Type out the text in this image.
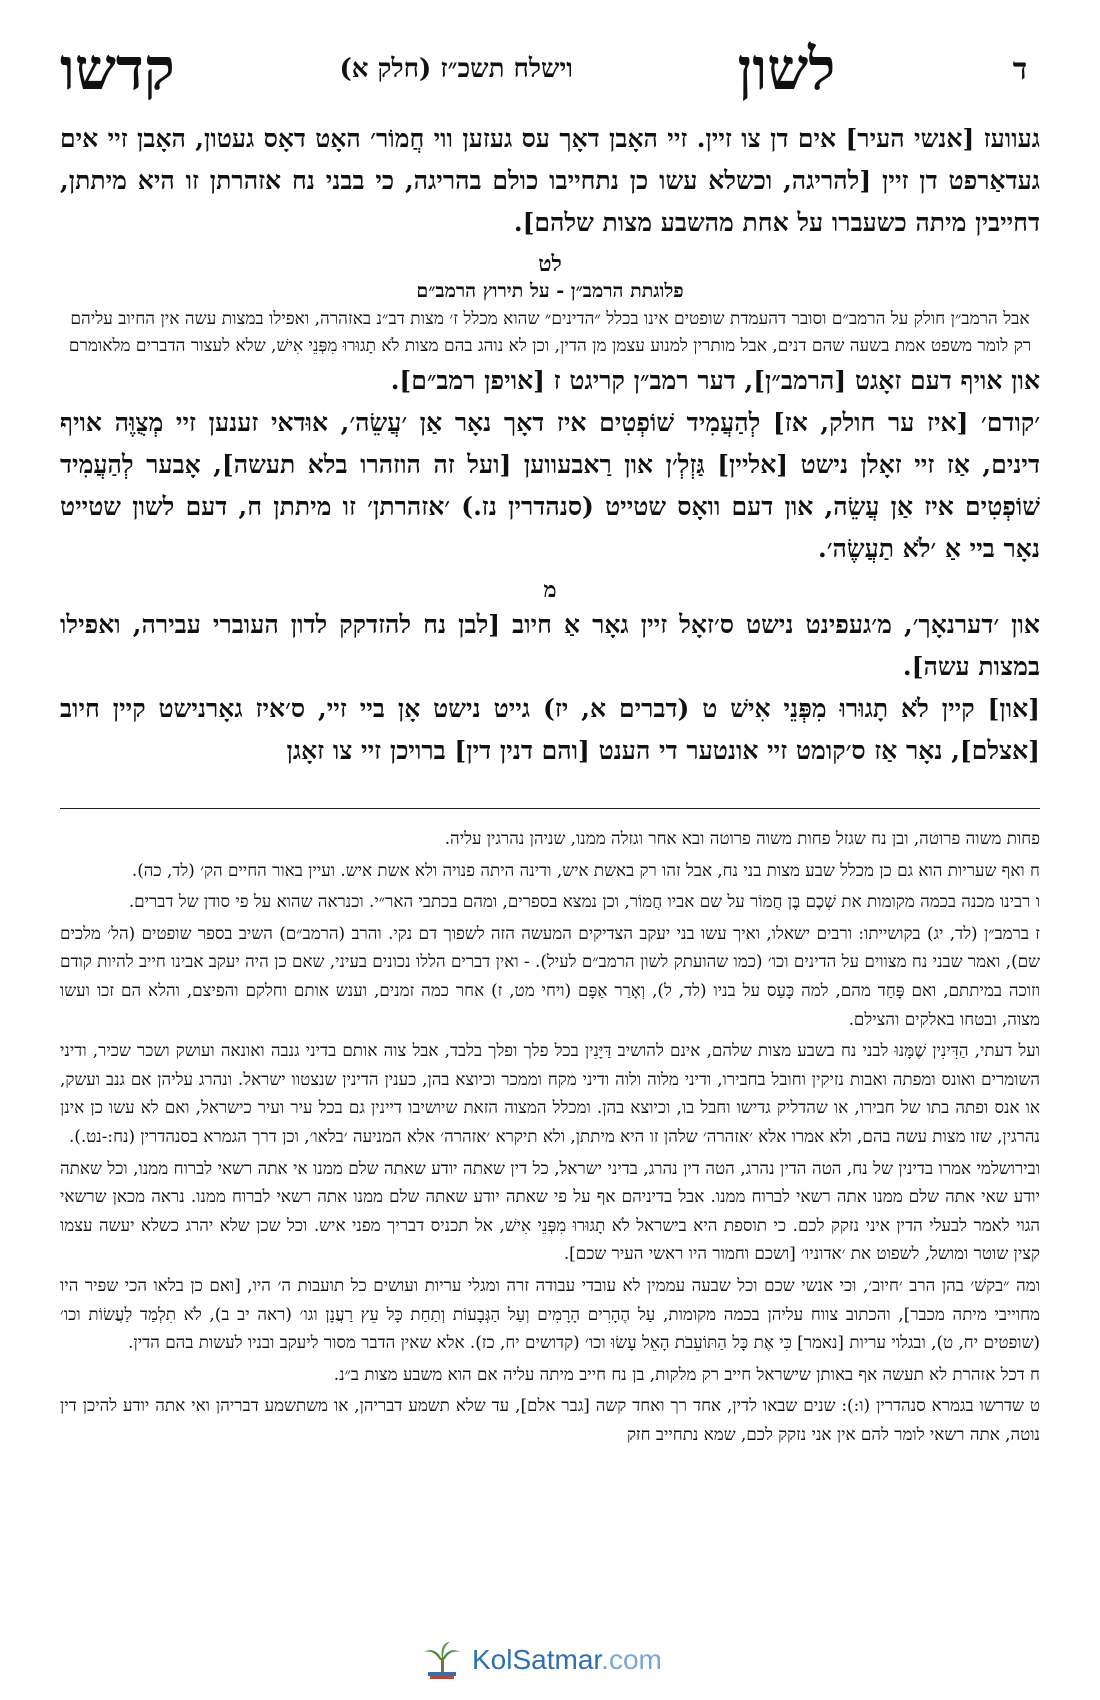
ד
לשון
וישלח תשכ״ז (חלק א)
קדשו

געוועז [אנשי העיר] אים דן צו זיין. זיי האָבן דאָך עס געזען ווי חֲמוֹר׳ האָט דאָס געטון, האָבן זיי אים געדאַרפט דן זיין [להריגה, וכשלא עשו כן נתחייבו כולם בהריגה, כי בבני נח אזהרתן זו היא מיתתן, דחייבין מיתה כשעברו על אחת מהשבע מצות שלהם].

לט
פלוגתת הרמב״ן - על תירוץ הרמב״ם

אבל הרמב״ן חולק על הרמב״ם וסובר דהעמדת שופטים אינו בכלל ״הדינים״ שהוא מכלל ז׳ מצות דב״נ באזהרה, ואפילו במצות עשה אין החיוב עליהם רק לומר משפט אמת בשעה שהם דנים, אבל מותרין למנוע עצמן מן הדין, וכן לא נוהג בהם מצות לֹא תָגוּרוּ מִפְּנֵי אִישׁ, שלא לעצור הדברים מלאומרם

און אויף דעם זאָגט [הרמב״ן], דער רמב״ן קריגט ז [אויפן רמב״ם].

׳קודם׳ [איז ער חולק, אז] לְהַעֲמִיד שׁוֹפְטִים איז דאָך נאָר אַן ׳עֲשֵׂה׳, אוּדאי זענען זיי מְצֻוֶּה אויף דינים, אַז זיי זאָלן נישט [אליין] גַּזְלְ׳ן און רַאבעווען [ועל זה הוזהרו בלא תעשה], אָבער לְהַעֲמִיד שׁוֹפְטִים איז אַן עֲשֵׂה, און דעם וואָס שטייט (סנהדרין נז.) ׳אזהרתן׳ זו מיתתן ח, דעם לשון שטייט נאָר ביי אַ ׳לֹא תַעֲשֶׂה׳.

מ

און ׳דערנאָך׳, מ׳געפינט נישט ס׳זאָל זיין גאָר אַ חיוב [לבן נח להזדקק לדון העוברי עבירה, ואפילו במצות עשה].

[און] קיין לֹא תָגוּרוּ מִפְּנֵי אִישׁ ט (דברים א, יז) גייט נישט אָן ביי זיי, ס׳איז גאָרנישט קיין חיוב [אצלם], נאָר אַז ס׳קומט זיי אונטער די הענט [והם דנין דין] ברויכן זיי צו זאָגן

פחות משוה פרוטה, ובן נח שגזל פחות משוה פרוטה ובא אחר וגזלה ממנו, שניהן נהרגין עליה.

ח ואף שעריות הוא גם כן מכלל שבע מצות בני נח, אבל זהו רק באשת איש, ודינה היתה פנויה ולא אשת איש. ועיין באור החיים הק׳ (לד, כה).

ו רבינו מכנה בכמה מקומות את שְׁכֶם בֶּן חֲמוֹר על שם אביו חֲמוֹר, וכן נמצא בספרים, ומהם בכתבי האר״י. וכנראה שהוא על פי סודן של דברים.

ז ברמב״ן (לד, יג) בקושייתו: ורבים ישאלו, ואיך עשו בני יעקב הצדיקים המעשה הזה לשפוך דם נקי. והרב (הרמב״ם) השיב בספר שופטים (הל׳ מלכים שם), ואמר שבני נח מצווים על הדינים וכו׳ (כמו שהועתק לשון הרמב״ם לעיל). - ואין דברים הללו נכונים בעיני, שאם כן היה יעקב אבינו חייב להיות קודם וזוכה במיתתם, ואם פָּחַד מהם, למה כָּעַס על בניו (לד, ל), וְאָרַר אַפָּם (ויחי מט, ז) אחר כמה זמנים, וענש אותם וחלקם והפיצם, והלא הם זכו ועשו מצוה, ובטחו באלקים והצילם.

ועל דעתי, הַדִּינִין שֶׁמָּנוּ לבני נח בשבע מצות שלהם, אינם להושיב דַּיָּנִין בכל פלך ופלך בלבד, אבל צוה אותם בדיני גנבה ואונאה ועושק ושכר שכיר, ודיני השומרים ואונס ומפתה ואבות נזיקין וחובל בחבירו, ודיני מלוה ולוה ודיני מקח וממכר וכיוצא בהן, כענין הדינין שנצטוו ישראל. ונהרג עליהן אם גנב ועשק, או אנס ופתה בתו של חבירו, או שהדליק גדישו וחבל בו, וכיוצא בהן. ומכלל המצוה הזאת שיושיבו דיינין גם בכל עיר ועיר כישראל, ואם לא עשו כן אינן נהרגין, שזו מצות עשה בהם, ולא אמרו אלא ׳אזהרה׳ שלהן זו היא מיתתן, ולא תיקרא ׳אזהרה׳ אלא המניעה ׳בלאו׳, וכן דרך הגמרא בסנהדרין (נח:-נט.).

ובירושלמי אמרו בדינין של נח, הטה הדין נהרג, הטה דין נהרג, בדיני ישראל, כל דין שאתה יודע שאתה שלם ממנו אי אתה רשאי לברוח ממנו, וכל שאתה יודע שאי אתה שלם ממנו אתה רשאי לברוח ממנו. אבל בדיניהם אף על פי שאתה יודע שאתה שלם ממנו אתה רשאי לברוח ממנו. נראה מכאן שרשאי הגוי לאמר לבעלי הדין איני נזקק לכם. כי תוספת היא בישראל לֹא תָגוּרוּ מִפְּנֵי אִישׁ, אל תכניס דבריך מפני איש. וכל שכן שלא יהרג כשלא יעשה עצמו קצין שוטר ומושל, לשפוט את ׳אדוניו׳ [ושכם וחמור היו ראשי העיר שכם].

ומה ״בקשׁ׳ בהן הרב ׳חיוב׳, וכי אנשי שכם וכל שבעה עממין לא עובדי עבודה זרה ומגלי עריות ועושים כל תועבות ה׳ היו, [ואם כן בלאו הכי שפיר היו מחוייבי מיתה מכבר], והכתוב צווח עליהן בכמה מקומות, עַל הֶהָרִים הָרָמִים וְעַל הַגְּבָעוֹת וְתַחַת כָּל עֵץ רַעֲנָן וגו׳ (ראה יב ב), לֹא תִלְמַד לַעֲשׂוֹת וכו׳ (שופטים יח, ט), ובגלוי עריות [נאמר] כִּי אֶת כָּל הַתּוֹעֵבֹת הָאֵל עָשׂוּ וכו׳ (קדושים יח, כז). אלא שאין הדבר מסור ליעקב ובניו לעשות בהם הדין.

ח דכל אזהרת לא תעשה אף באותן שישראל חייב רק מלקות, בן נח חייב מיתה עליה אם הוא משבע מצות ב״נ.

ט שדרשו בגמרא סנהדרין (ו:): שנים שבאו לדין, אחד רך ואחד קשה [גבר אלם], עד שלא תשמע דבריהן, או משתשמע דבריהן ואי אתה יודע להיכן דין נוטה, אתה רשאי לומר להם אין אני נזקק לכם, שמא נתחייב חזק

KolSatmar.com
